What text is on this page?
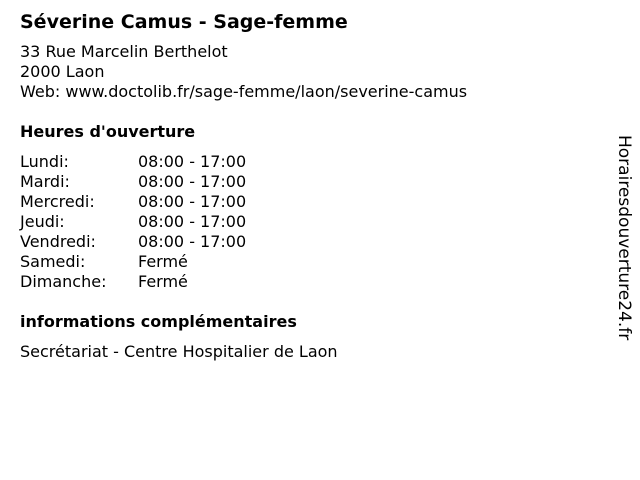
Séverine Camus - Sage-femme
33 Rue Marcelin Berthelot
2000 Laon
Web: www.doctolib.fr/sage-femme/laon/severine-camus
Heures d'ouverture
Lundi:	08:00 - 17:00
Mardi:	08:00 - 17:00
Mercredi:	08:00 - 17:00
Jeudi:	08:00 - 17:00
Vendredi:	08:00 - 17:00
Samedi:	Fermé
Dimanche:	Fermé
informations complémentaires
Secrétariat - Centre Hospitalier de Laon
Horairesdouverture24.fr
